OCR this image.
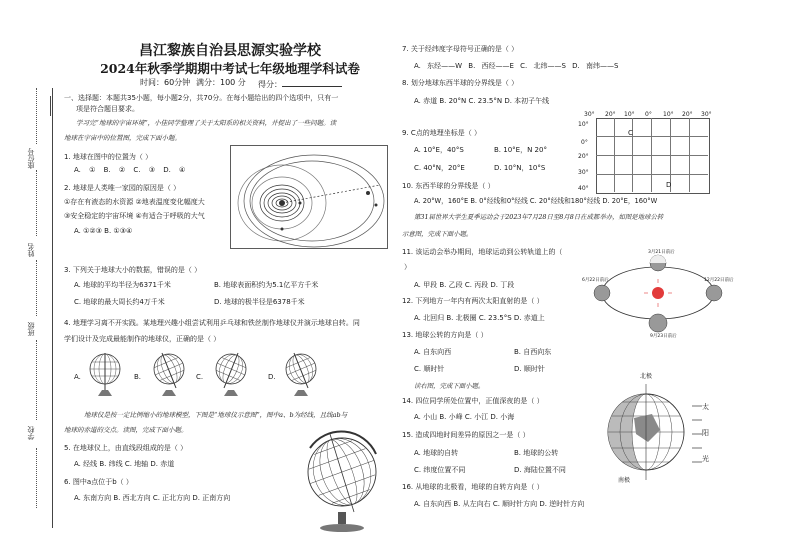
座位号
姓名
班级
学校
昌江黎族自治县思源实验学校
2024年秋季学期期中考试七年级地理学科试卷
时间：60分钟 满分：100 分 得分：
一、选择题：本题共35小题，每小题2分，共70分。在每小题给出的四个选项中，只有一
项是符合题目要求。
学习完“地球的宇宙环境”，小佳同学整理了关于太阳系的相关资料，并提出了一些问题。读
地球在宇宙中的位置图，完成下面小题。
1. 地球在图中的位置为（ ）
A. ① B. ② C. ③ D. ④
2. 地球是人类唯一家园的原因是（ ）
①存在有液态的水资源 ②地表温度变化幅度大
③安全稳定的宇宙环境 ④有适合于呼吸的大气
A. ①②③ B. ①③④
3. 下列关于地球大小的数据，错误的是（ ）
A. 地球的平均半径为6371千米	B. 地球表面积约为5.1亿平方千米
C. 地球的最大周长约4万千米	D. 地球的极半径是6378千米
4. 地理学习离不开实践。某地理兴趣小组尝试利用乒乓球和铁丝制作地球仪并演示地球自转。同
学们设计及完成最能制作的地球仪，正确的是（ ）
A.	B.	C.	D.
地球仪是按一定比例缩小的地球模型，下图是“地球仪示意图”，图中a、b为经线，且线ab与
地球的赤道的交点。读图，完成下面小题。
5. 在地球仪上，由直线段组成的是（ ）
A. 经线 B. 纬线 C. 地轴 D. 赤道
6. 图中a点位于b（ ）
A. 东南方向 B. 西北方向 C. 正北方向 D. 正南方向
7. 关于经纬度字母符号正确的是（ ）
A. 东经——W B. 西经——E C. 北纬——S D. 南纬——S
8. 划分地球东西半球的分界线是（ ）
A. 赤道 B. 20°N C. 23.5°N D. 本初子午线
9. C点的地理坐标是（ ）
A. 10°E，40°S	B. 10°E，N 20°
C. 40°N，20°E	D. 10°N，10°S
30° 20° 10° 0° 10° 20° 30°
10°
0°
20°
30°
40°
C
D
10. 东西半球的分界线是（ ）
A. 20°W，160°E B. 0°经线和0°经线 C. 20°经线和180°经线 D. 20°E，160°W
第31届世界大学生夏季运动会于2023年7月28日至8月8日在成都举办，如图是地球公转
示意图，完成下面小题。
11. 该运动会举办期间，地球运动到公转轨道上的（
）
A. 甲段 B. 乙段 C. 丙段 D. 丁段
12. 下列地方一年内有两次太阳直射的是（ ）
A. 北回归 B. 北极圈 C. 23.5°S D. 赤道上
13. 地球公转的方向是（ ）
A. 自东向西	B. 自西向东
C. 顺时针	D. 顺时针
3月21日前后
6月22日前后	12月22日前后
9月23日前后
读右图，完成下面小题。
14. 四位同学所处位置中，正值深夜的是（ ）
A. 小山 B. 小峰 C. 小江 D. 小海
15. 造成四地时间差异的原因之一是（ ）
A. 地球的自转	B. 地球的公转
C. 纬度位置不同	D. 海陆位置不同
16. 从地球的北极看，地球的自转方向是（ ）
A. 自东向西 B. 从左向右 C. 顺时针方向 D. 逆时针方向
北极
南极
太
阳
光
